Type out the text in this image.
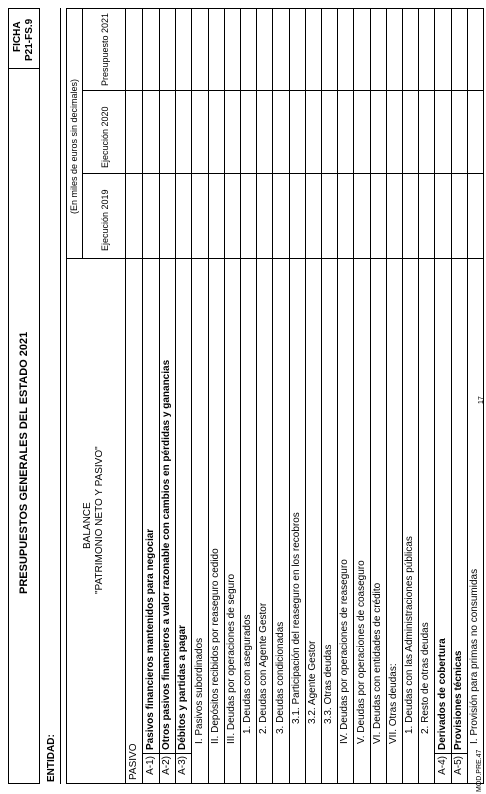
PRESUPUESTOS GENERALES DEL ESTADO 2021
FICHA P21-FS.9
ENTIDAD:
BALANCE "PATRIMONIO NETO Y PASIVO"
(En miles de euros sin decimales)
Ejecución 2019
Ejecución 2020
Presupuesto 2021
PASIVO A-1)
Pasivos financieros mantenidos para negociar
A-2)
Otros pasivos financieros a valor razonable con cambios en pérdidas y ganancias
A-3)
Débitos y partidas a pagar I. Pasivos subordinados II. Depósitos recibidos por reaseguro cedido III. Deudas por operaciones de seguro 1. Deudas con asegurados 2. Deudas con Agente Gestor 3. Deudas condicionadas 3.1. Participación del reaseguro en los recobros 3.2. Agente Gestor 3.3. Otras deudas IV. Deudas por operaciones de reaseguro V. Deudas por operaciones de coaseguro VI. Deudas con entidades de crédito VII. Otras deudas: 1. Deudas con las Administraciones públicas 2. Resto de otras deudas
A-4)
Derivados de cobertura
A-5)
Provisiones técnicas I. Provisión para primas no consumidas
17
MOD.PRE.47
